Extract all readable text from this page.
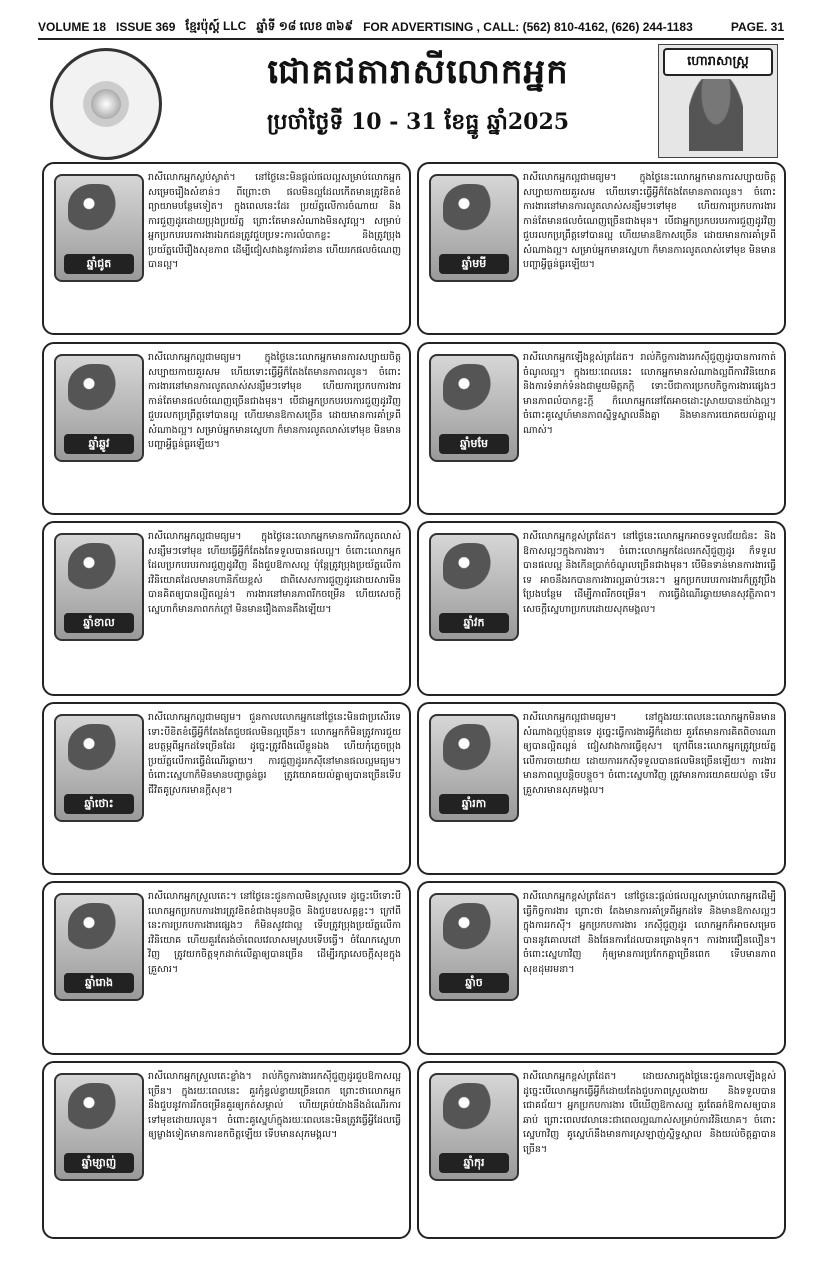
VOLUME 18 ISSUE 369 ខ្មែរប៉ុស្ត៍ LLC ឆ្នាំទី ១៨ លេខ ៣៦៩ FOR ADVERTISING , CALL: (562) 810-4162, (626) 244-1183	PAGE. 31
ជោគជតារាសីលោកអ្នក
ប្រចាំថ្ងៃទី 10 - 31 ខែធ្នូ ឆ្នាំ2025
ហោរាសាស្ត្រ
ឆ្នាំជូត
រាសីលោកអ្នកស្ងប់ស្ងាត់។ នៅថ្ងៃនេះមិនផ្ដល់ផលល្អសម្រាប់លោកអ្នកសម្រេចរឿងសំខាន់ៗ ពីព្រោះថា ផលមិនល្អដែលកើតមានត្រូវខិតខំព្យាយាមបន្ថែមទៀត។ ក្នុងពេលនេះដែរ ប្រយ័ត្នលើការចំណាយ និងការជួញដូរដោយប្រុងប្រយ័ត្ន ព្រោះតែមានសំណាងមិនសូវល្អ។ សម្រាប់អ្នកប្រកបរបរការងារឯកជនត្រូវជួបប្រទះការលំបាកខ្លះ និងត្រូវប្រុងប្រយ័ត្នលើរឿងសុខភាព ដើម្បីជៀសវាងនូវការរំខាន ហើយរកផលចំណេញបានល្អ។
ឆ្នាំឆ្លូវ
រាសីលោកអ្នកល្អជាមធ្យម។ ក្នុងថ្ងៃនេះលោកអ្នកមានការសប្បាយចិត្ត សប្បាយកាយគួរសម ហើយទោះធ្វើអ្វីក៏តែងតែមានភាពរលូន។ ចំពោះការងារនៅមានការលូតលាស់សន្សឹមៗទៅមុខ ហើយការប្រកបការងារកាន់តែមានផលចំណេញច្រើនជាងមុន។ បើជាអ្នកប្រកបរបរការជួញដូរវិញ ជួបរលកប្រព្រឹត្តទៅបានល្អ ហើយមានឱកាសច្រើន ដោយមានការគាំទ្រពីសំណាងល្អ។ សម្រាប់អ្នកមានស្នេហា ក៏មានការលូតលាស់ទៅមុខ មិនមានបញ្ហាអ្វីធ្ងន់ធ្ងរឡើយ។
ឆ្នាំខាល
រាសីលោកអ្នកល្អជាមធ្យម។ ក្នុងថ្ងៃនេះលោកអ្នកមានការរីកលូតលាស់សន្សឹមៗទៅមុខ ហើយធ្វើអ្វីក៏តែងតែទទួលបានផលល្អ។ ចំពោះលោកអ្នកដែលប្រកបរបរការជួញដូរវិញ នឹងជួបឱកាសល្អ ប៉ុន្តែត្រូវប្រុងប្រយ័ត្នលើការវិនិយោគដែលមានហានិភ័យខ្ពស់ ជាពិសេសការជួញដូរដោយសារមិនបានគិតឲ្យបានល្អិតល្អន់។ ការងារនៅមានភាពរីកចម្រើន ហើយសេចក្ដីស្នេហាក៏មានភាពកក់ក្ដៅ មិនមានរឿងតានតឹងឡើយ។
ឆ្នាំថោះ
រាសីលោកអ្នកល្អជាមធ្យម។ ជួនកាលលោកអ្នកនៅថ្ងៃនេះមិនជាប្រសើរទេ ទោះបីខិតខំធ្វើអ្វីក៏តែងតែជួបផលមិនល្អច្រើន។ លោកអ្នកក៏មិនត្រូវការជួយឧបត្ថម្ភពីអ្នកដទៃច្រើនដែរ ដូច្នេះត្រូវពឹងលើខ្លួនឯង ហើយកុំភ្លេចប្រុងប្រយ័ត្នលើការធ្វើដំណើរឆ្ងាយ។ ការជួញដូររកស៊ីនៅមានផលល្អមធ្យម។ ចំពោះស្នេហាក៏មិនមានបញ្ហាធ្ងន់ធ្ងរ ត្រូវយោគយល់គ្នាឲ្យបានច្រើនទើបជីវិតគូស្រករមានក្ដីសុខ។
ឆ្នាំរោង
រាសីលោកអ្នកស្រួលតេះ។ នៅថ្ងៃនេះជួនកាលមិនស្រួលទេ ដូច្នេះបើទោះបីលោកអ្នកប្រកបការងារត្រូវខិតខំជាងមុនបន្តិច និងជួបឧបសគ្គខ្លះ។ ក្រៅពីនេះការប្រកបការងារផ្សេងៗ ក៏មិនសូវជាល្អ ទើបត្រូវប្រុងប្រយ័ត្នលើការវិនិយោគ ហើយគួរតែរង់ចាំពេលវេលាសមស្របទើបធ្វើ។ ចំណែកស្នេហាវិញ ត្រូវយកចិត្តទុកដាក់លើគ្នាឲ្យបានច្រើន ដើម្បីរក្សាសេចក្ដីសុខក្នុងគ្រួសារ។
ឆ្នាំម្សាញ់
រាសីលោកអ្នកស្រួលតេះខ្លាំង។ រាល់កិច្ចការងាររកស៊ីជួញដូរជួបឱកាសល្អច្រើន។ ក្នុងរយៈពេលនេះ គួរកុំខ្វល់ខ្វាយច្រើនពេក ព្រោះថាលោកអ្នកនឹងជួបនូវការរីកចម្រើនគួរឲ្យកត់សម្គាល់ ហើយគ្រប់យ៉ាងនឹងដំណើរការទៅមុខដោយរលូន។ ចំពោះគូស្នេហ៍ក្នុងរយៈពេលនេះមិនត្រូវធ្វើអ្វីដែលធ្វើឲ្យម្ខាងទៀតមានការខកចិត្តឡើយ ទើបមានសុភមង្គល។
ឆ្នាំមមី
រាសីលោកអ្នកល្អជាមធ្យម។ ក្នុងថ្ងៃនេះលោកអ្នកមានការសប្បាយចិត្ត សប្បាយកាយគួរសម ហើយទោះធ្វើអ្វីក៏តែងតែមានភាពរលូន។ ចំពោះការងារនៅមានការលូតលាស់សន្សឹមៗទៅមុខ ហើយការប្រកបការងារកាន់តែមានផលចំណេញច្រើនជាងមុន។ បើជាអ្នកប្រកបរបរការជួញដូរវិញ ជួបរលកប្រព្រឹត្តទៅបានល្អ ហើយមានឱកាសច្រើន ដោយមានការគាំទ្រពីសំណាងល្អ។ សម្រាប់អ្នកមានស្នេហា ក៏មានការលូតលាស់ទៅមុខ មិនមានបញ្ហាអ្វីធ្ងន់ធ្ងរឡើយ។
ឆ្នាំមមែ
រាសីលោកអ្នកឡើងខ្ពស់ត្រដែត។ រាល់កិច្ចការងាររកស៊ីជួញដូរបានការកាត់ចំណូលល្អ។ ក្នុងរយៈពេលនេះ លោកអ្នកមានសំណាងល្អពីការវិនិយោគ និងការទំនាក់ទំនងជាមួយមិត្តភក្ដិ ទោះបីជាការប្រកបកិច្ចការងារផ្សេងៗមានភាពលំបាកខ្លះក្ដី ក៏លោកអ្នកនៅតែអាចដោះស្រាយបានយ៉ាងល្អ។ ចំពោះគូស្នេហ៍មានភាពស្និទ្ធស្នាលនឹងគ្នា និងមានការយោគយល់គ្នាល្អណាស់។
ឆ្នាំវក
រាសីលោកអ្នកខ្ពស់ត្រដែត។ នៅថ្ងៃនេះលោកអ្នកអាចទទួលជ័យជំនះ និងឱកាសល្អៗក្នុងការងារ។ ចំពោះលោកអ្នកដែលរកស៊ីជួញដូរ ក៏ទទួលបានផលល្អ និងកើនប្រាក់ចំណូលច្រើនជាងមុន។ បើមិនទាន់មានការងារធ្វើទេ អាចនឹងរកបានការងារល្អឆាប់ៗនេះ។ អ្នកប្រកបរបរការងារក៏ត្រូវប្រឹងប្រែងបន្ថែម ដើម្បីភាពរីកចម្រើន។ ការធ្វើដំណើរឆ្ងាយមានសុវត្ថិភាព។ សេចក្ដីស្នេហាប្រកបដោយសុភមង្គល។
ឆ្នាំរកា
រាសីលោកអ្នកល្អជាមធ្យម។ នៅក្នុងរយៈពេលនេះលោកអ្នកមិនមានសំណាងល្អប៉ុន្មានទេ ដូច្នេះធ្វើការងារអ្វីក៏ដោយ គួរតែមានការគិតពិចារណាឲ្យបានល្អិតល្អន់ ជៀសវាងការធ្វើខុស។ ក្រៅពីនេះលោកអ្នកត្រូវប្រយ័ត្នលើការចាយវាយ ដោយការរកស៊ីទទួលបានផលមិនច្រើនឡើយ។ ការងារមានភាពល្អបន្តិចបន្តួច។ ចំពោះស្នេហាវិញ ត្រូវមានការយោគយល់គ្នា ទើបគ្រួសារមានសុភមង្គល។
ឆ្នាំច
រាសីលោកអ្នកខ្ពស់ត្រដែត។ នៅថ្ងៃនេះផ្ដល់ផលល្អសម្រាប់លោកអ្នកដើម្បីធ្វើកិច្ចការងារ ព្រោះថា តែងមានការគាំទ្រពីអ្នកដទៃ និងមានឱកាសល្អៗក្នុងការរកស៊ី។ អ្នកប្រកបការងារ រកស៊ីជួញដូរ លោកអ្នកក៏អាចសម្រេចបាននូវគោលដៅ និងផែនការដែលបានគ្រោងទុក។ ការងារជឿនលឿន។ ចំពោះស្នេហាវិញ កុំឲ្យមានការប្រកែកគ្នាច្រើនពេក ទើបមានភាពសុខដុមរមនា។
ឆ្នាំកុរ
រាសីលោកអ្នកខ្ពស់ត្រដែត។ ដោយសារក្នុងថ្ងៃនេះជួនកាលឡើងខ្ពស់ ដូច្នេះបើលោកអ្នកធ្វើអ្វីក៏ដោយតែងជួបភាពស្រួលងាយ និងទទួលបានជោគជ័យ។ អ្នកប្រកបការងារ បើឃើញឱកាសល្អ គួរតែឆក់ឱកាសឲ្យបានឆាប់ ព្រោះពេលវេលានេះជាពេលល្អណាស់សម្រាប់ការវិនិយោគ។ ចំពោះស្នេហាវិញ គូស្នេហ៍នឹងមានការស្រឡាញ់ស្និទ្ធស្នាល និងយល់ចិត្តគ្នាបានច្រើន។
